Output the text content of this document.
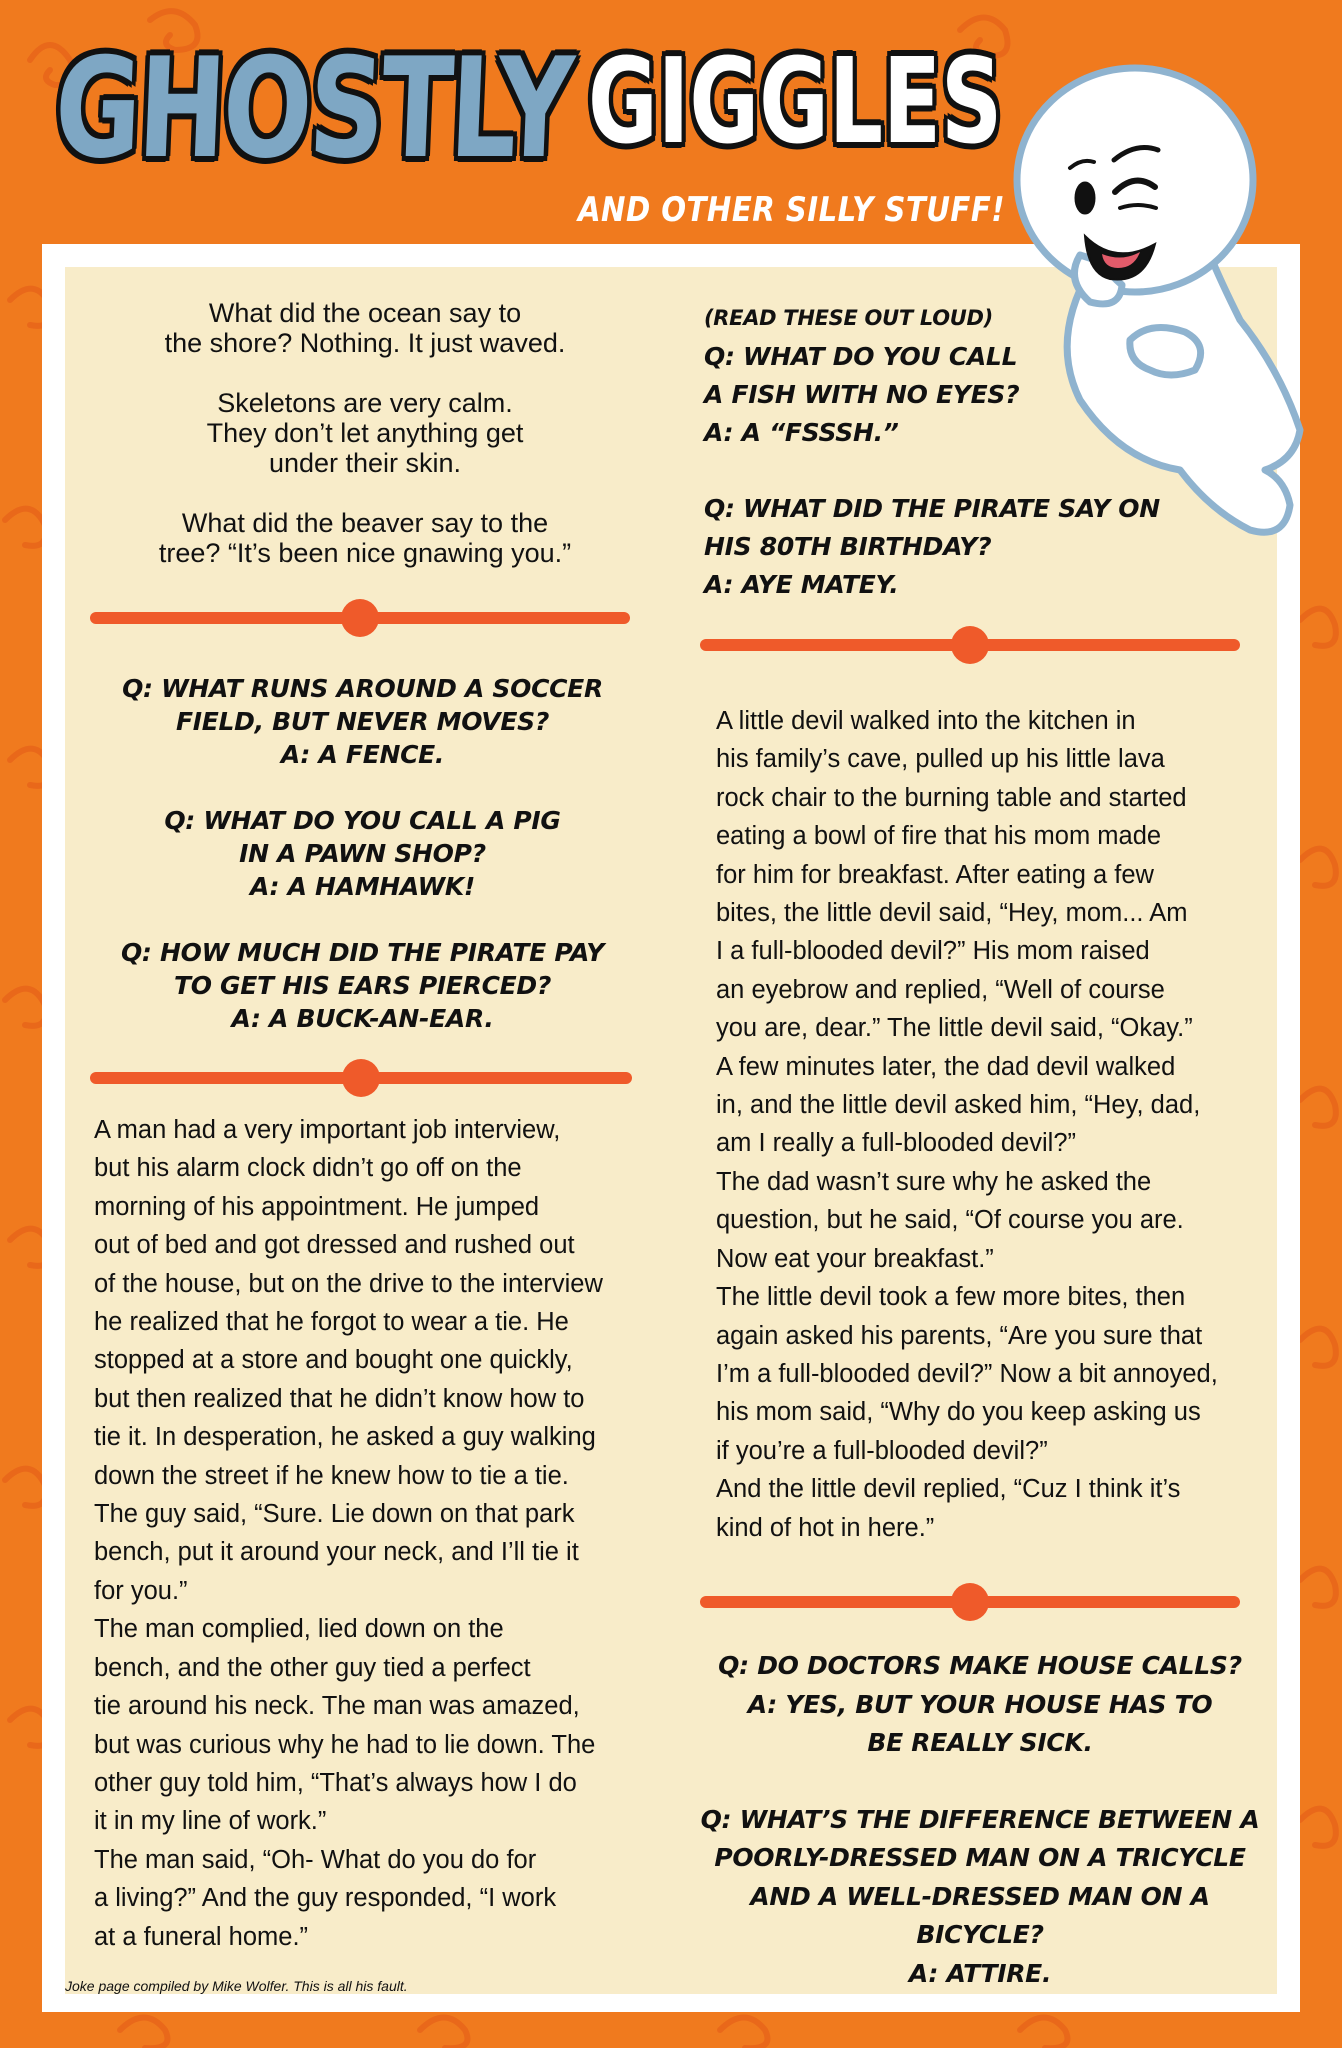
GHOSTLY GIGGLES
AND OTHER SILLY STUFF!

What did the ocean say to
the shore? Nothing. It just waved.

Skeletons are very calm.
They don’t let anything get
under their skin.

What did the beaver say to the
tree? “It’s been nice gnawing you.”

Q: WHAT RUNS AROUND A SOCCER
FIELD, BUT NEVER MOVES?
A: A FENCE.

Q: WHAT DO YOU CALL A PIG
IN A PAWN SHOP?
A: A HAMHAWK!

Q: HOW MUCH DID THE PIRATE PAY
TO GET HIS EARS PIERCED?
A: A BUCK-AN-EAR.

A man had a very important job interview,
but his alarm clock didn’t go off on the
morning of his appointment. He jumped
out of bed and got dressed and rushed out
of the house, but on the drive to the interview
he realized that he forgot to wear a tie. He
stopped at a store and bought one quickly,
but then realized that he didn’t know how to
tie it. In desperation, he asked a guy walking
down the street if he knew how to tie a tie.
The guy said, “Sure. Lie down on that park
bench, put it around your neck, and I’ll tie it
for you.”
The man complied, lied down on the
bench, and the other guy tied a perfect
tie around his neck. The man was amazed,
but was curious why he had to lie down. The
other guy told him, “That’s always how I do
it in my line of work.”
The man said, “Oh- What do you do for
a living?” And the guy responded, “I work
at a funeral home.”
(READ THESE OUT LOUD)

Q: WHAT DO YOU CALL
A FISH WITH NO EYES?
A: A “FSSSH.”

Q: WHAT DID THE PIRATE SAY ON
HIS 80TH BIRTHDAY?
A: AYE MATEY.

A little devil walked into the kitchen in
his family’s cave, pulled up his little lava
rock chair to the burning table and started
eating a bowl of fire that his mom made
for him for breakfast. After eating a few
bites, the little devil said, “Hey, mom... Am
I a full-blooded devil?” His mom raised
an eyebrow and replied, “Well of course
you are, dear.” The little devil said, “Okay.”
A few minutes later, the dad devil walked
in, and the little devil asked him, “Hey, dad,
am I really a full-blooded devil?”
The dad wasn’t sure why he asked the
question, but he said, “Of course you are.
Now eat your breakfast.”
The little devil took a few more bites, then
again asked his parents, “Are you sure that
I’m a full-blooded devil?” Now a bit annoyed,
his mom said, “Why do you keep asking us
if you’re a full-blooded devil?”
And the little devil replied, “Cuz I think it’s
kind of hot in here.”

Q: DO DOCTORS MAKE HOUSE CALLS?
A: YES, BUT YOUR HOUSE HAS TO
BE REALLY SICK.

Q: WHAT’S THE DIFFERENCE BETWEEN A
POORLY-DRESSED MAN ON A TRICYCLE
AND A WELL-DRESSED MAN ON A BICYCLE?
A: ATTIRE.

Joke page compiled by Mike Wolfer. This is all his fault.
